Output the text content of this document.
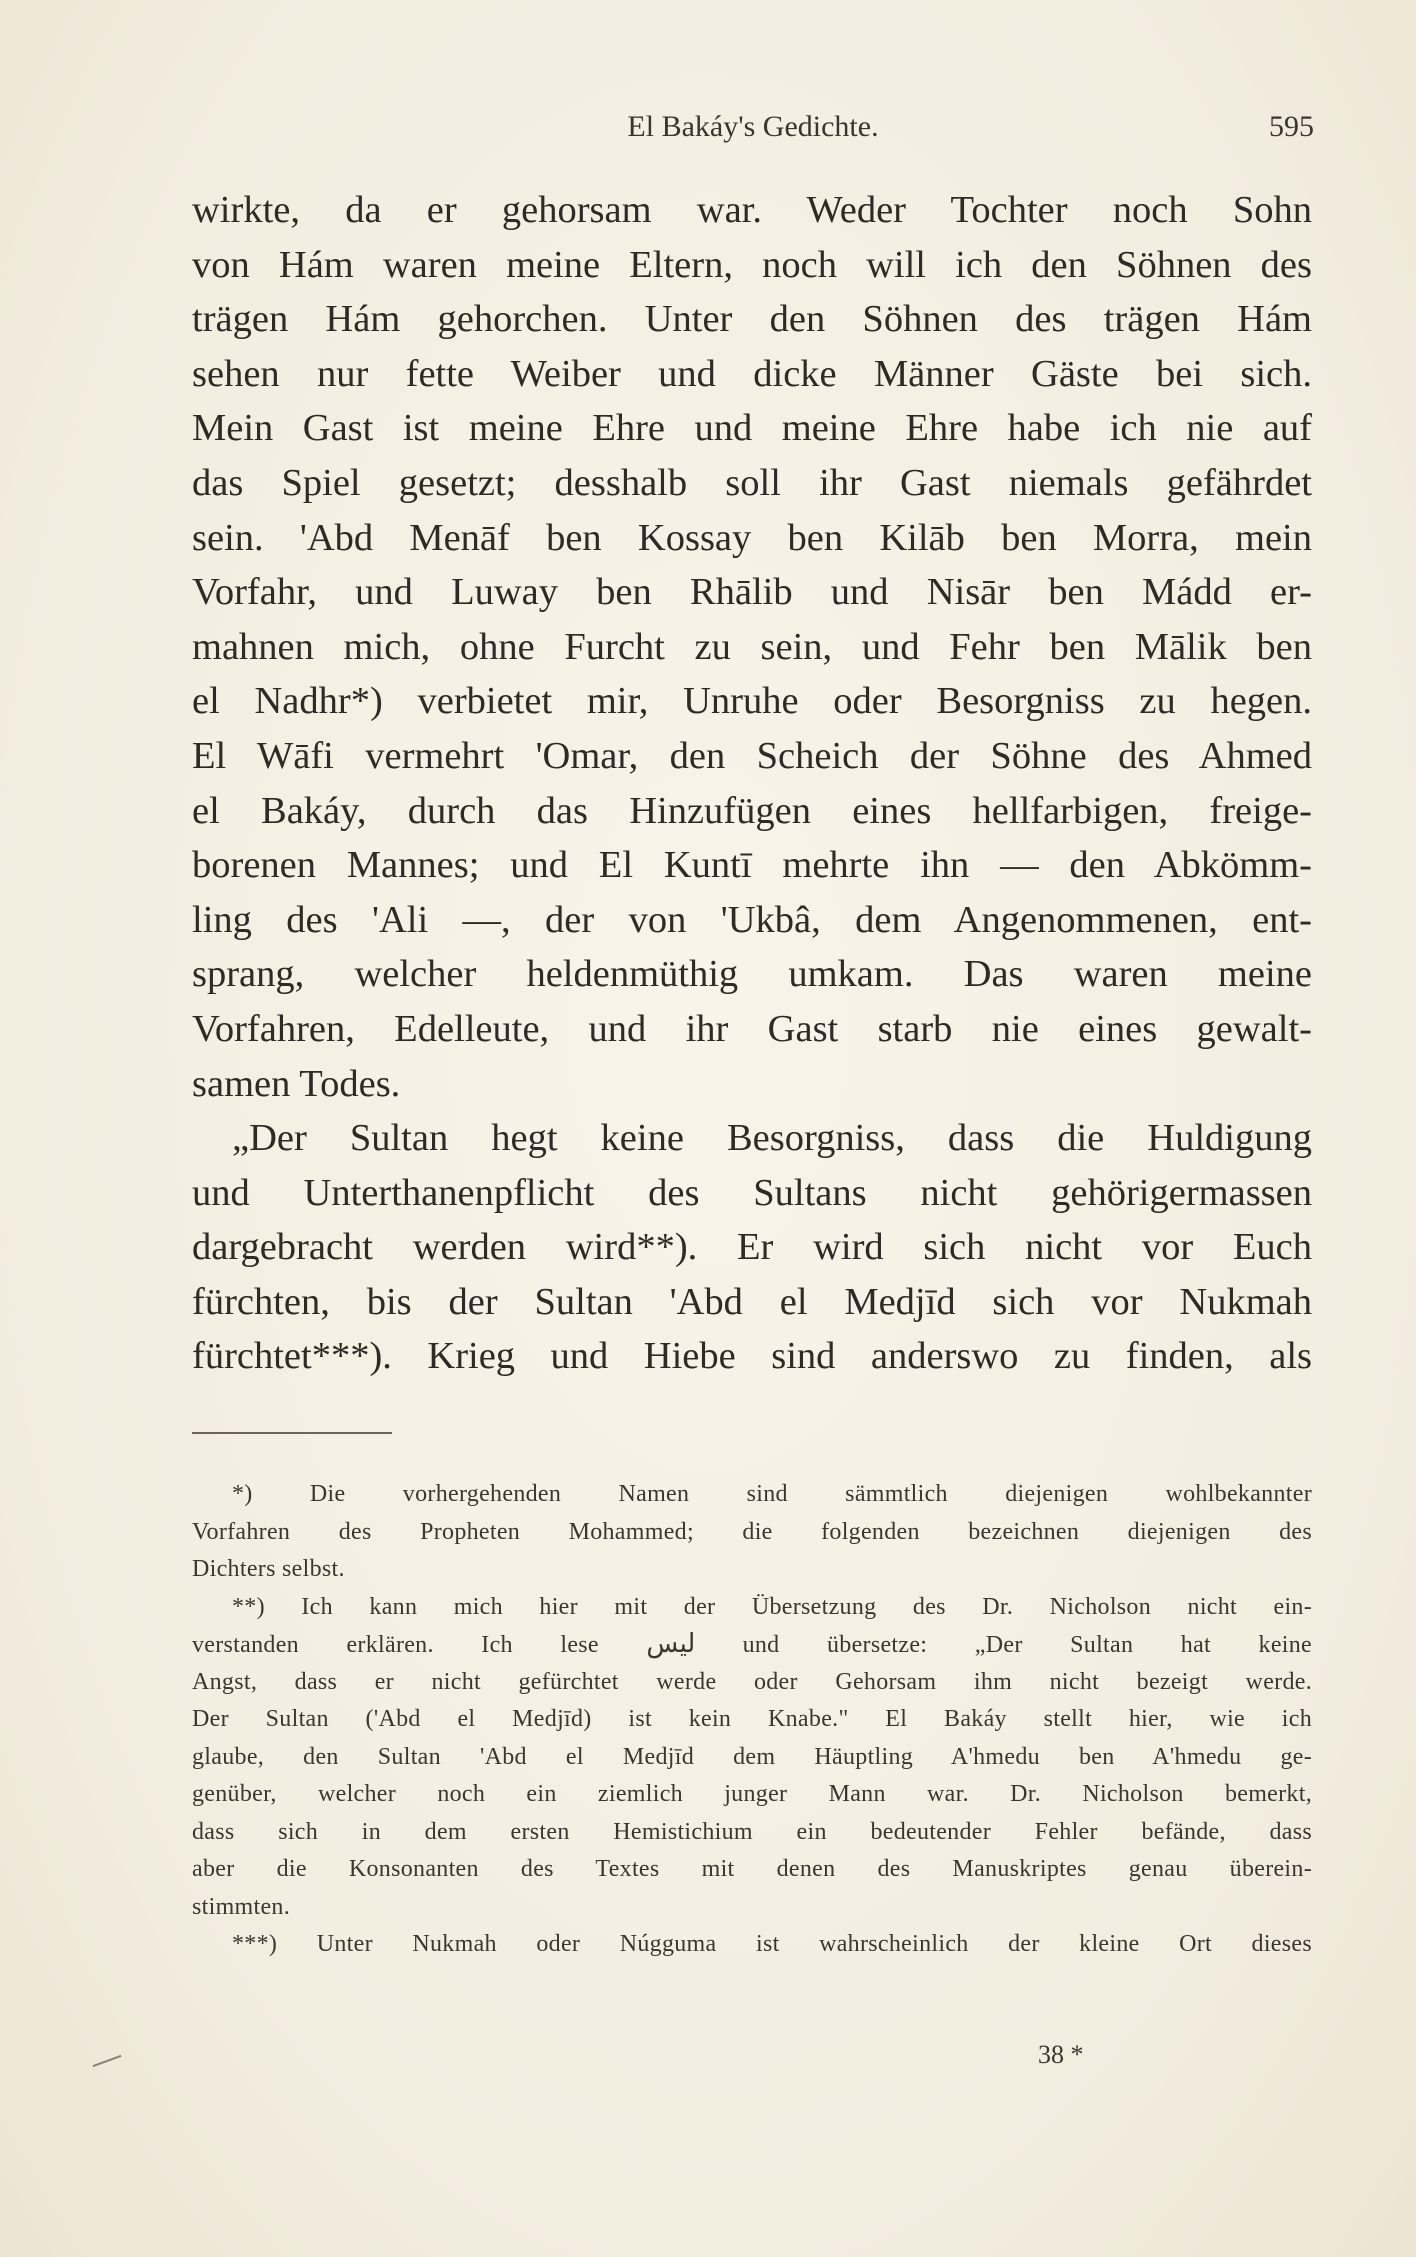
El Bakáy's Gedichte.	595
wirkte, da er gehorsam war. Weder Tochter noch Sohn
von Hám waren meine Eltern, noch will ich den Söhnen des
trägen Hám gehorchen. Unter den Söhnen des trägen Hám
sehen nur fette Weiber und dicke Männer Gäste bei sich.
Mein Gast ist meine Ehre und meine Ehre habe ich nie auf
das Spiel gesetzt; desshalb soll ihr Gast niemals gefährdet
sein. 'Abd Menāf ben Kossay ben Kilāb ben Morra, mein
Vorfahr, und Luway ben Rhālib und Nisār ben Mádd er-
mahnen mich, ohne Furcht zu sein, und Fehr ben Mālik ben
el Nadhr*) verbietet mir, Unruhe oder Besorgniss zu hegen.
El Wāfi vermehrt 'Omar, den Scheich der Söhne des Ahmed
el Bakáy, durch das Hinzufügen eines hellfarbigen, freige-
borenen Mannes; und El Kuntī mehrte ihn — den Abkömm-
ling des 'Ali —, der von 'Ukbâ, dem Angenommenen, ent-
sprang, welcher heldenmüthig umkam. Das waren meine
Vorfahren, Edelleute, und ihr Gast starb nie eines gewalt-
samen Todes.
„Der Sultan hegt keine Besorgniss, dass die Huldigung
und Unterthanenpflicht des Sultans nicht gehörigermassen
dargebracht werden wird**). Er wird sich nicht vor Euch
fürchten, bis der Sultan 'Abd el Medjīd sich vor Nukmah
fürchtet***). Krieg und Hiebe sind anderswo zu finden, als
*) Die vorhergehenden Namen sind sämmtlich diejenigen wohlbekannter
Vorfahren des Propheten Mohammed; die folgenden bezeichnen diejenigen des
Dichters selbst.
**) Ich kann mich hier mit der Übersetzung des Dr. Nicholson nicht ein-
verstanden erklären. Ich lese ليس und übersetze: „Der Sultan hat keine
Angst, dass er nicht gefürchtet werde oder Gehorsam ihm nicht bezeigt werde.
Der Sultan ('Abd el Medjīd) ist kein Knabe." El Bakáy stellt hier, wie ich
glaube, den Sultan 'Abd el Medjīd dem Häuptling A'hmedu ben A'hmedu ge-
genüber, welcher noch ein ziemlich junger Mann war. Dr. Nicholson bemerkt,
dass sich in dem ersten Hemistichium ein bedeutender Fehler befände, dass
aber die Konsonanten des Textes mit denen des Manuskriptes genau überein-
stimmten.
***) Unter Nukmah oder Núgguma ist wahrscheinlich der kleine Ort dieses
38 *
